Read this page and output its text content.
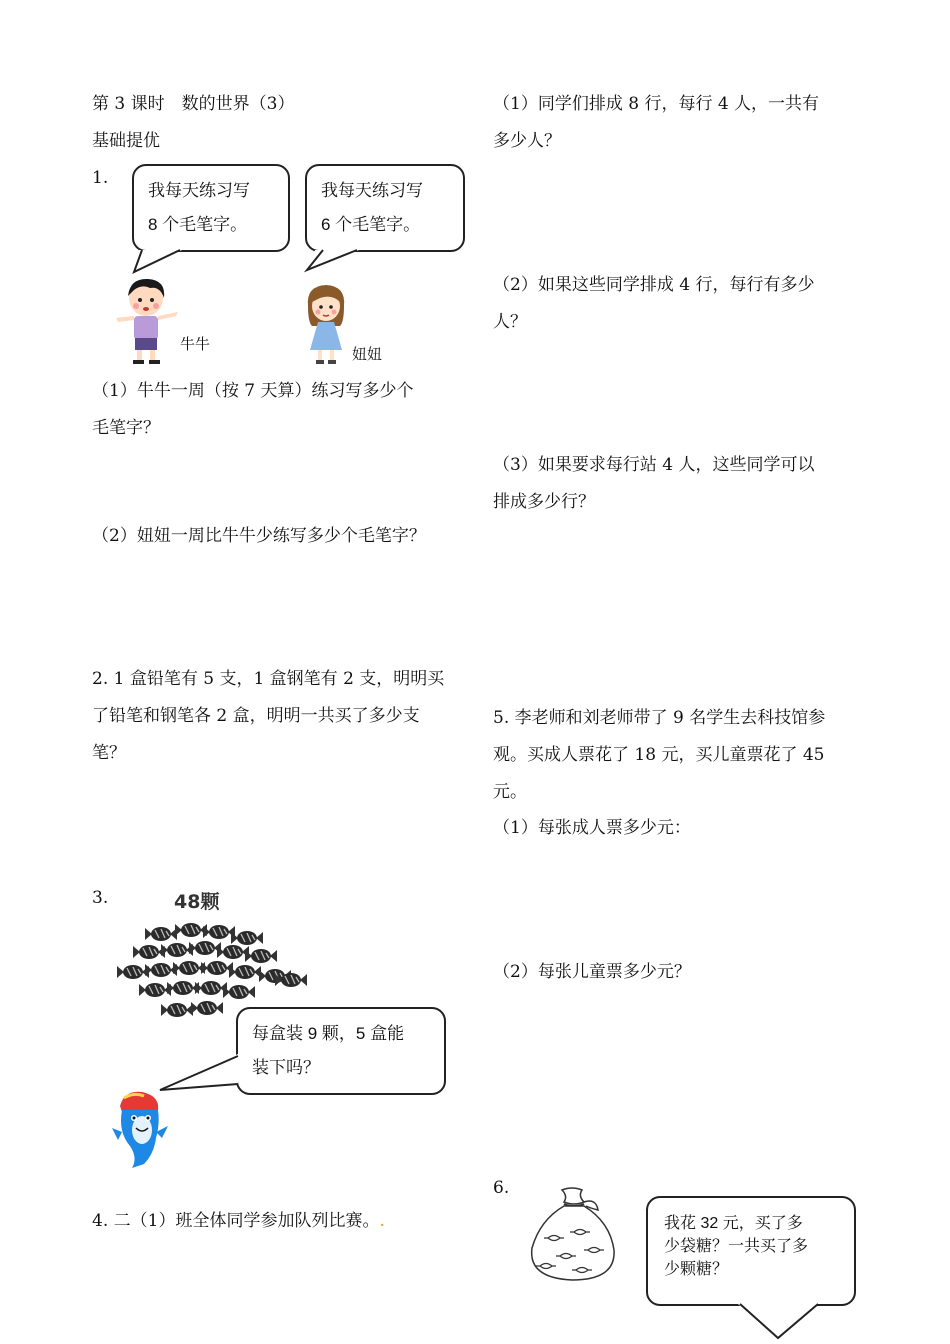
第 3 课时　数的世界（3）
基础提优
1.
我每天练习写
8 个毛笔字。
我每天练习写
6 个毛笔字。
牛牛
妞妞
（1）牛牛一周（按 7 天算）练习写多少个
毛笔字？
（2）妞妞一周比牛牛少练写多少个毛笔字？
2. 1 盒铅笔有 5 支，1 盒钢笔有 2 支，明明买
了铅笔和钢笔各 2 盒，明明一共买了多少支
笔？
3.	48颗
每盒装 9 颗，5 盒能
装下吗？
4. 二（1）班全体同学参加队列比赛。.
（1）同学们排成 8 行，每行 4 人，一共有
多少人？
（2）如果这些同学排成 4 行，每行有多少
人？
（3）如果要求每行站 4 人，这些同学可以
排成多少行？
5. 李老师和刘老师带了 9 名学生去科技馆参
观。买成人票花了 18 元，买儿童票花了 45
元。
（1）每张成人票多少元：
（2）每张儿童票多少元？
6.
我花 32 元，买了多
少袋糖？一共买了多
少颗糖？
